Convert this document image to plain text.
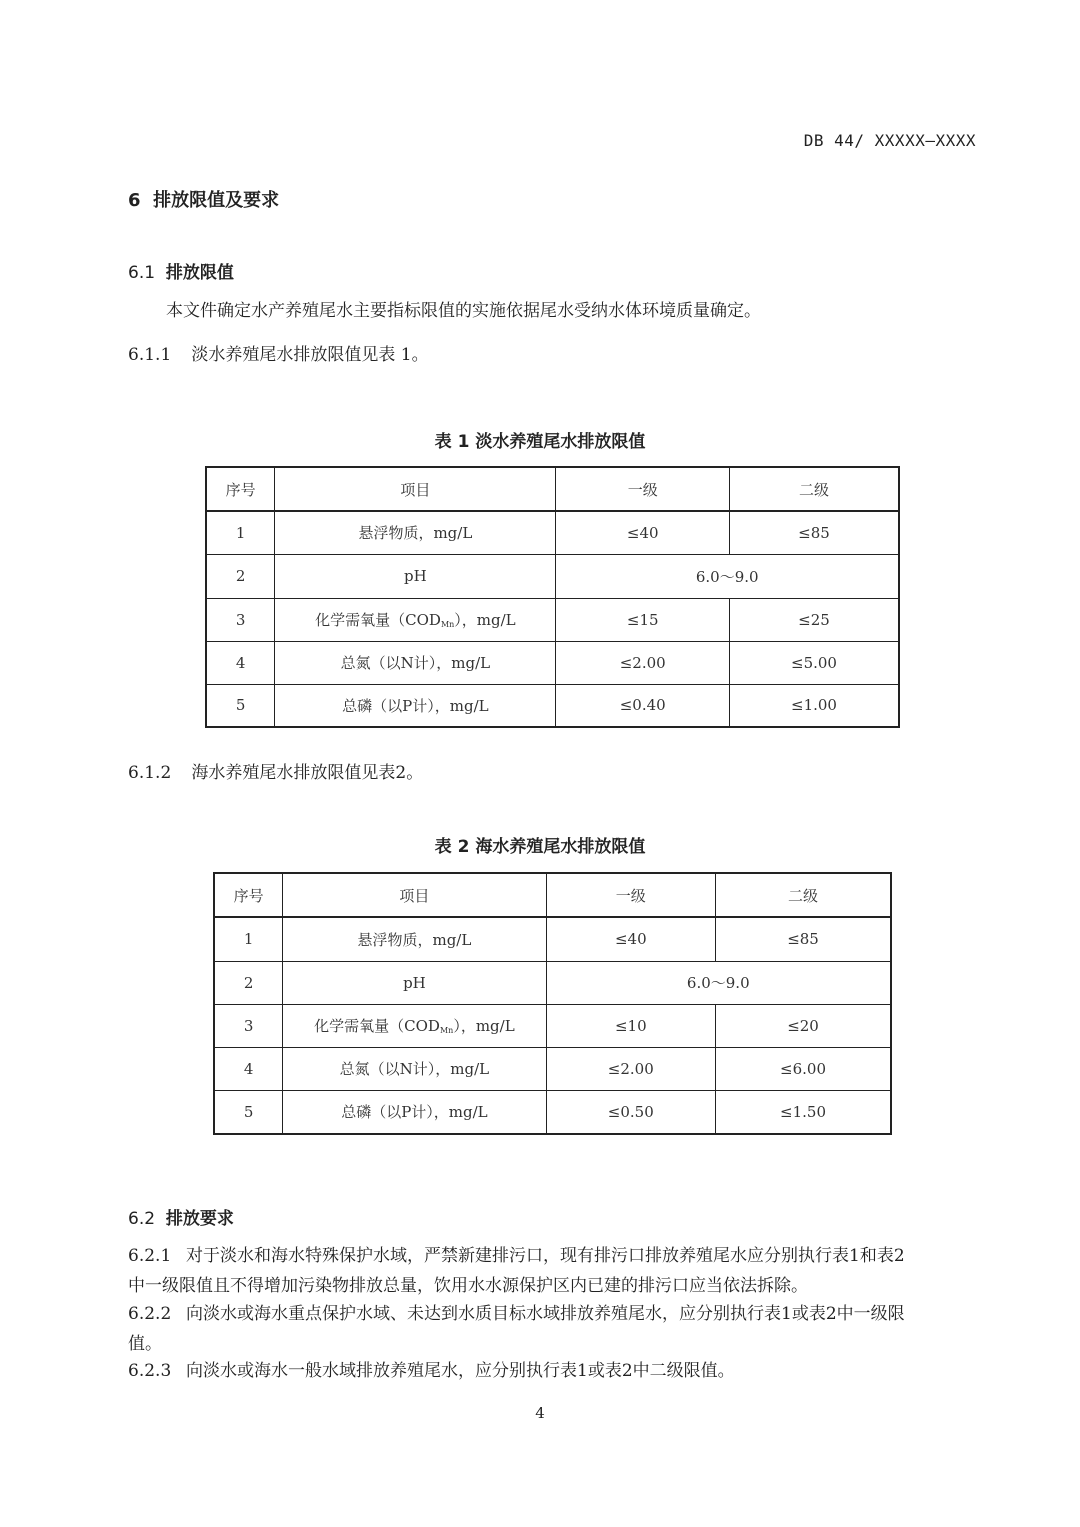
DB 44/ XXXXX—XXXX
6 排放限值及要求
6.1 排放限值
本文件确定水产养殖尾水主要指标限值的实施依据尾水受纳水体环境质量确定。
6.1.1 淡水养殖尾水排放限值见表 1。
表 1 淡水养殖尾水排放限值
序号	项目	一级	二级
1	悬浮物质，mg/L	≤40	≤85
2	pH	6.0～9.0	
3	化学需氧量$(COD_{Mn})$，mg/L	≤15	≤25
4	总氮（以N计），mg/L	≤2.00	≤5.00
5	总磷（以P计），mg/L	≤0.40	≤1.00
6.1.2 海水养殖尾水排放限值见表2。
表 2 海水养殖尾水排放限值
序号	项目	一级	二级
1	悬浮物质，mg/L	≤40	≤85
2	pH	6.0～9.0	
3	化学需氧量$(COD_{Mn})$，mg/L	≤10	≤20
4	总氮（以N计），mg/L	≤2.00	≤6.00
5	总磷（以P计），mg/L	≤0.50	≤1.50
6.2 排放要求
6.2.1 对于淡水和海水特殊保护水域，严禁新建排污口，现有排污口排放养殖尾水应分别执行表1和表2
中一级限值且不得增加污染物排放总量，饮用水水源保护区内已建的排污口应当依法拆除。
6.2.2 向淡水或海水重点保护水域、未达到水质目标水域排放养殖尾水，应分别执行表1或表2中一级限
值。
6.2.3 向淡水或海水一般水域排放养殖尾水，应分别执行表1或表2中二级限值。
4
